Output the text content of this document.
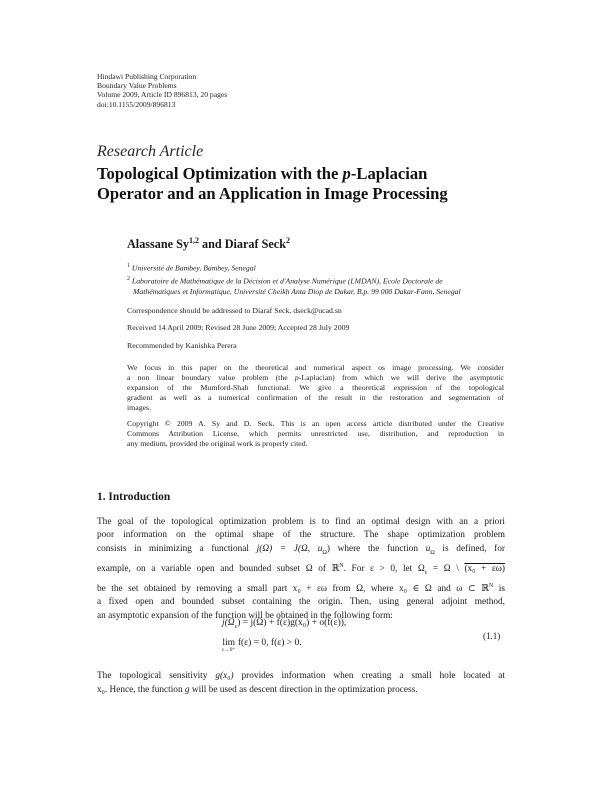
Hindawi Publishing Corporation
Boundary Value Problems
Volume 2009, Article ID 896813, 20 pages
doi:10.1155/2009/896813
Research Article
Topological Optimization with the p-Laplacian
Operator and an Application in Image Processing
Alassane Sy$^{1,2}$ and Diaraf Seck$^2$
$^1$ Université de Bambey, Bambey, Senegal
$^2$ Laboratoire de Mathématique de la Décision et d'Analyse Numérique (LMDAN), Ecole Doctorale de
Mathématiques et Informatique, Université Cheikh Anta Diop de Dakar, B.p. 99 000 Dakar-Fann, Senegal
Correspondence should be addressed to Diaraf Seck, dseck@ucad.sn
Received 14 April 2009; Revised 28 June 2009; Accepted 28 July 2009
Recommended by Kanishka Perera
We focus in this paper on the theoretical and numerical aspect os image processing. We consider
a non linear boundary value problem (the p-Laplacian) from which we will derive the asymptotic
expansion of the Mumford-Shah functional. We give a theoretical expression of the topological
gradient as well as a numerical confirmation of the result in the restoration and segmentation of
images.
Copyright © 2009 A. Sy and D. Seck. This is an open access article distributed under the Creative
Commons Attribution License, which permits unrestricted use, distribution, and reproduction in
any medium, provided the original work is properly cited.
1. Introduction
The goal of the topological optimization problem is to find an optimal design with an a priori
poor information on the optimal shape of the structure. The shape optimization problem
consists in minimizing a functional j(Ω) = J(Ω, $u_\Omega$) where the function $u_\Omega$ is defined, for
example, on a variable open and bounded subset Ω of ℝ$^N$. For ε > 0, let $\Omega_\varepsilon = \Omega$ \ (x₀ + εω)
be the set obtained by removing a small part x₀ + εω from Ω, where x₀ ∈ Ω and ω ⊂ ℝ$^N$ is
a fixed open and bounded subset containing the origin. Then, using general adjoint method,
an asymptotic expansion of the function will be obtained in the following form:
$j(\Omega_\varepsilon) = j(\Omega) + f(\varepsilon)g(x_0) + o(f(\varepsilon))$,
lim
$^{\varepsilon\to 0^+}$ f(ε) = 0, f(ε) > 0.
(1.1)
The topological sensitivity g(x₀) provides information when creating a small hole located at
x₀. Hence, the function g will be used as descent direction in the optimization process.
